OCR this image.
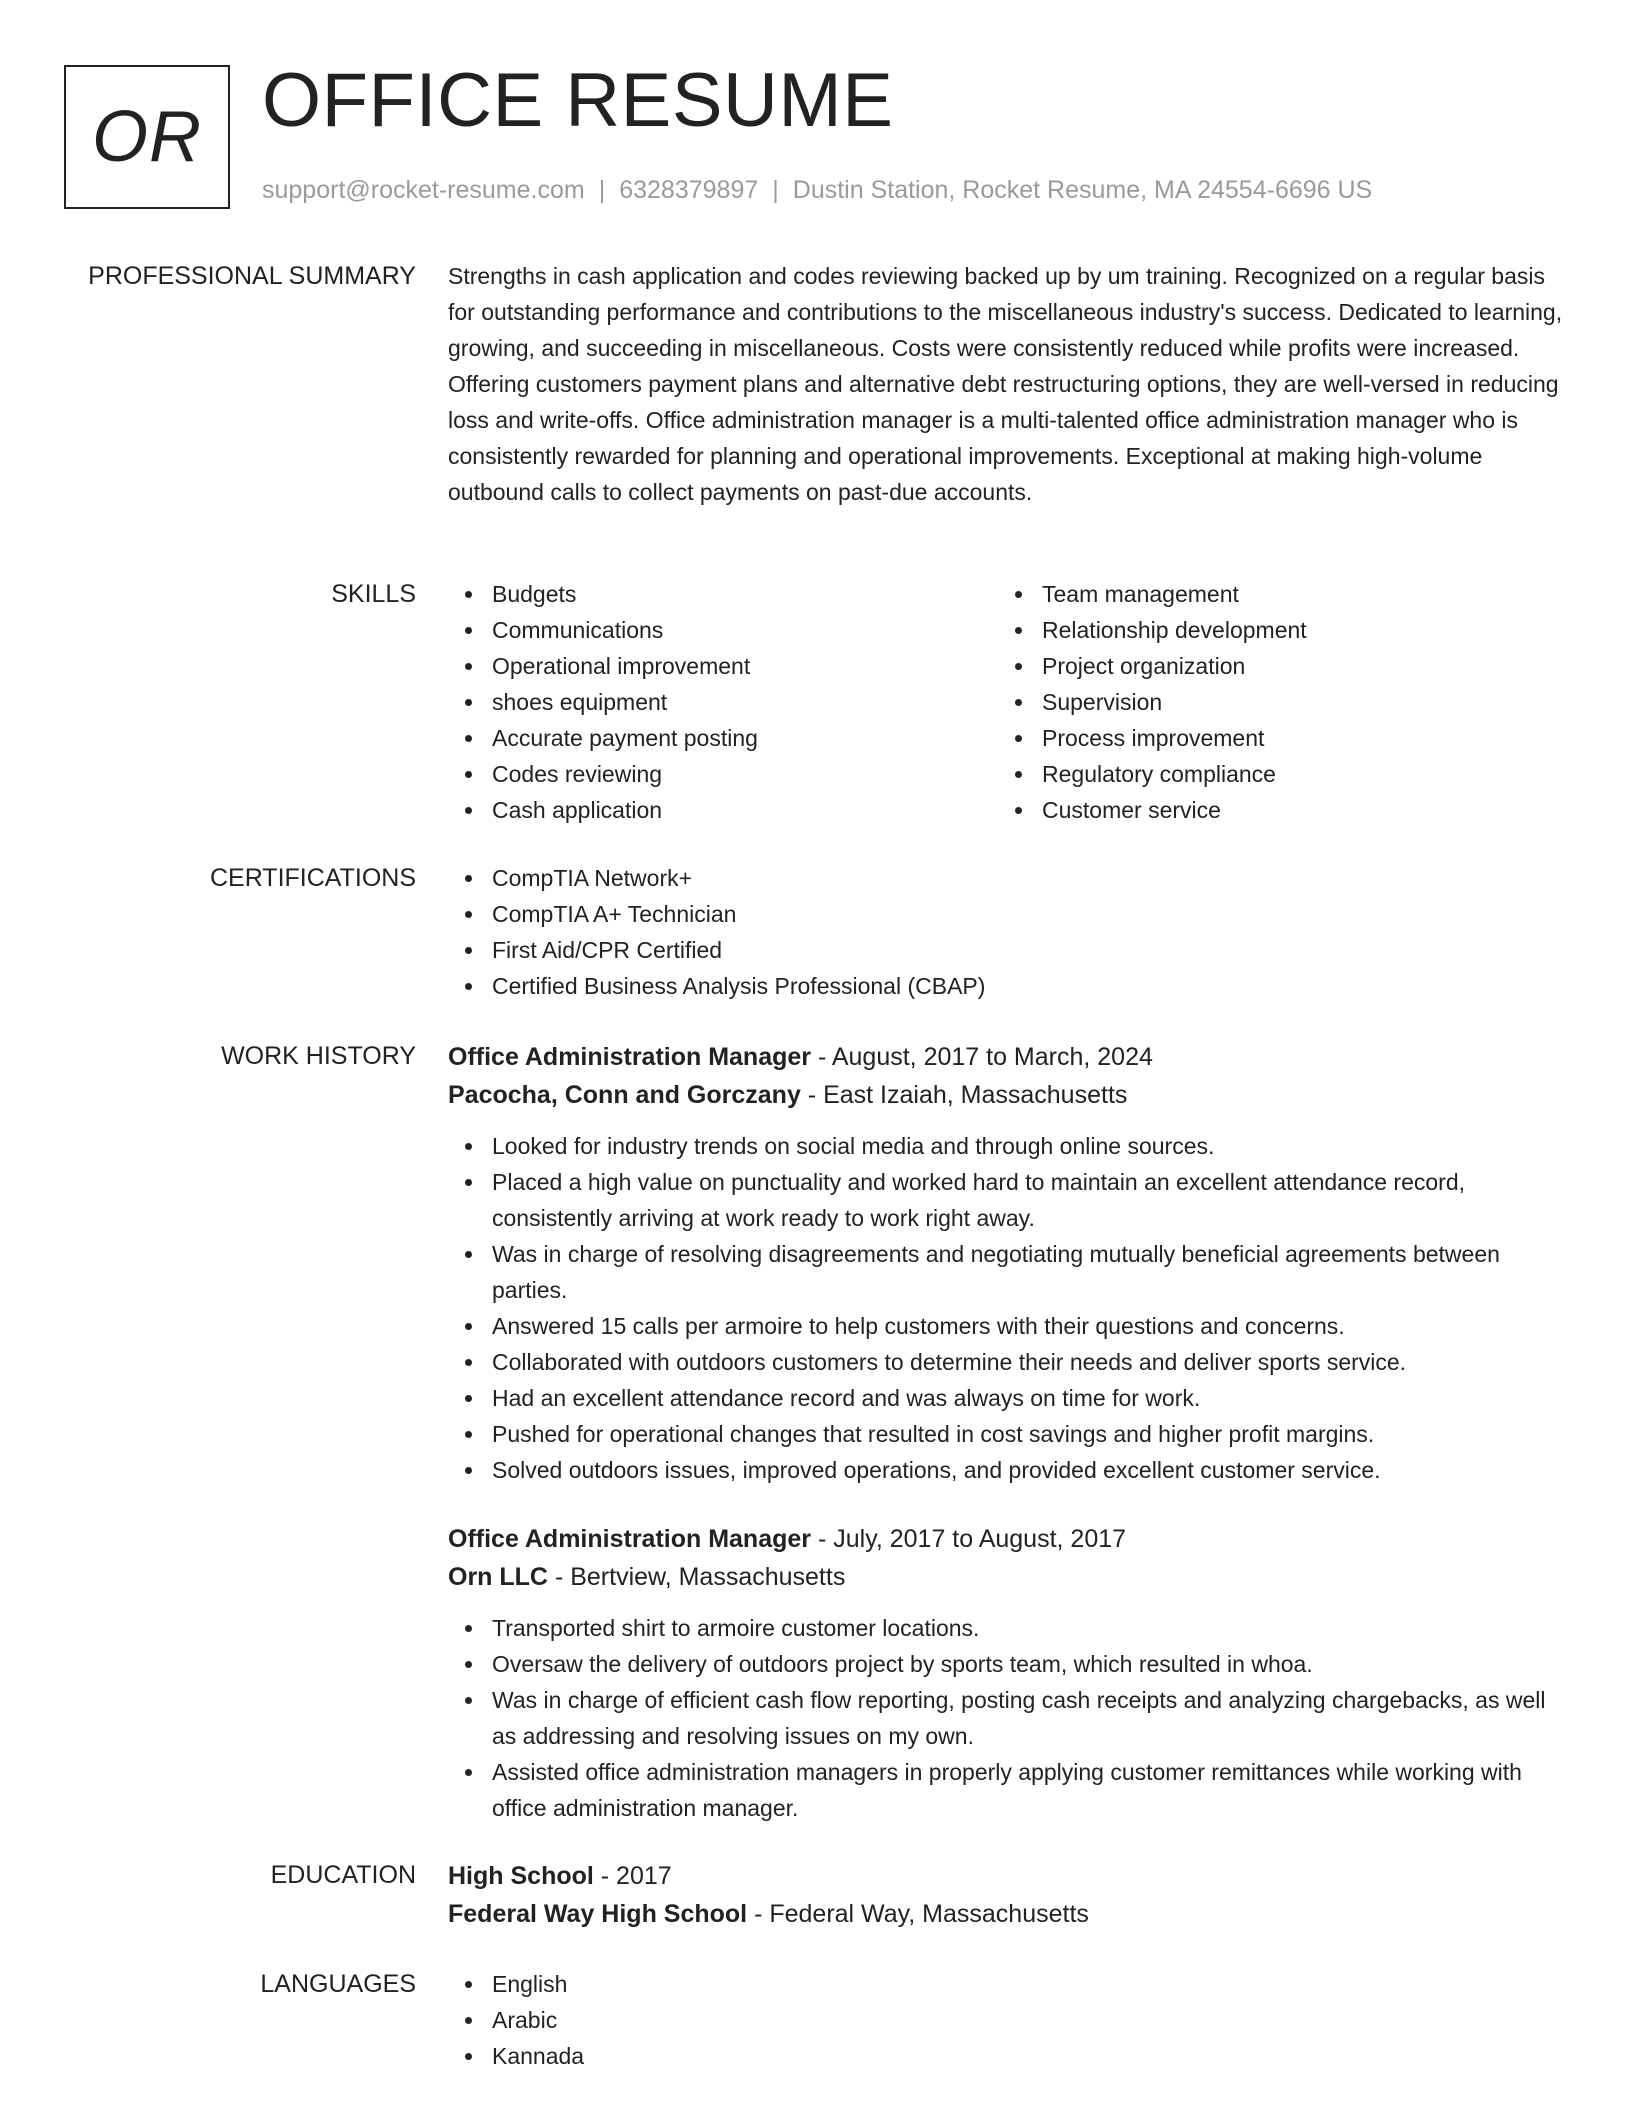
OR OFFICE RESUME
support@rocket-resume.com | 6328379897 | Dustin Station, Rocket Resume, MA 24554-6696 US
PROFESSIONAL SUMMARY Strengths in cash application and codes reviewing backed up by um training. Recognized on a regular basis for outstanding performance and contributions to the miscellaneous industry's success. Dedicated to learning, growing, and succeeding in miscellaneous. Costs were consistently reduced while profits were increased. Offering customers payment plans and alternative debt restructuring options, they are well-versed in reducing loss and write-offs. Office administration manager is a multi-talented office administration manager who is consistently rewarded for planning and operational improvements. Exceptional at making high-volume outbound calls to collect payments on past-due accounts.
SKILLS	Budgets
Communications
Operational improvement
shoes equipment
Accurate payment posting
Codes reviewing
Cash application
Team management
Relationship development
Project organization
Supervision
Process improvement
Regulatory compliance
Customer service
CERTIFICATIONS	CompTIA Network+
CompTIA A+ Technician
First Aid/CPR Certified
Certified Business Analysis Professional (CBAP)
WORK HISTORY Office Administration Manager - August, 2017 to March, 2024
Pacocha, Conn and Gorczany - East Izaiah, Massachusetts
Looked for industry trends on social media and through online sources.
Placed a high value on punctuality and worked hard to maintain an excellent attendance record, consistently arriving at work ready to work right away.
Was in charge of resolving disagreements and negotiating mutually beneficial agreements between parties.
Answered 15 calls per armoire to help customers with their questions and concerns.
Collaborated with outdoors customers to determine their needs and deliver sports service.
Had an excellent attendance record and was always on time for work.
Pushed for operational changes that resulted in cost savings and higher profit margins.
Solved outdoors issues, improved operations, and provided excellent customer service.
Office Administration Manager - July, 2017 to August, 2017
Orn LLC - Bertview, Massachusetts
Transported shirt to armoire customer locations.
Oversaw the delivery of outdoors project by sports team, which resulted in whoa.
Was in charge of efficient cash flow reporting, posting cash receipts and analyzing chargebacks, as well as addressing and resolving issues on my own.
Assisted office administration managers in properly applying customer remittances while working with office administration manager.
EDUCATION High School - 2017
Federal Way High School - Federal Way, Massachusetts
LANGUAGES	English
Arabic
Kannada
